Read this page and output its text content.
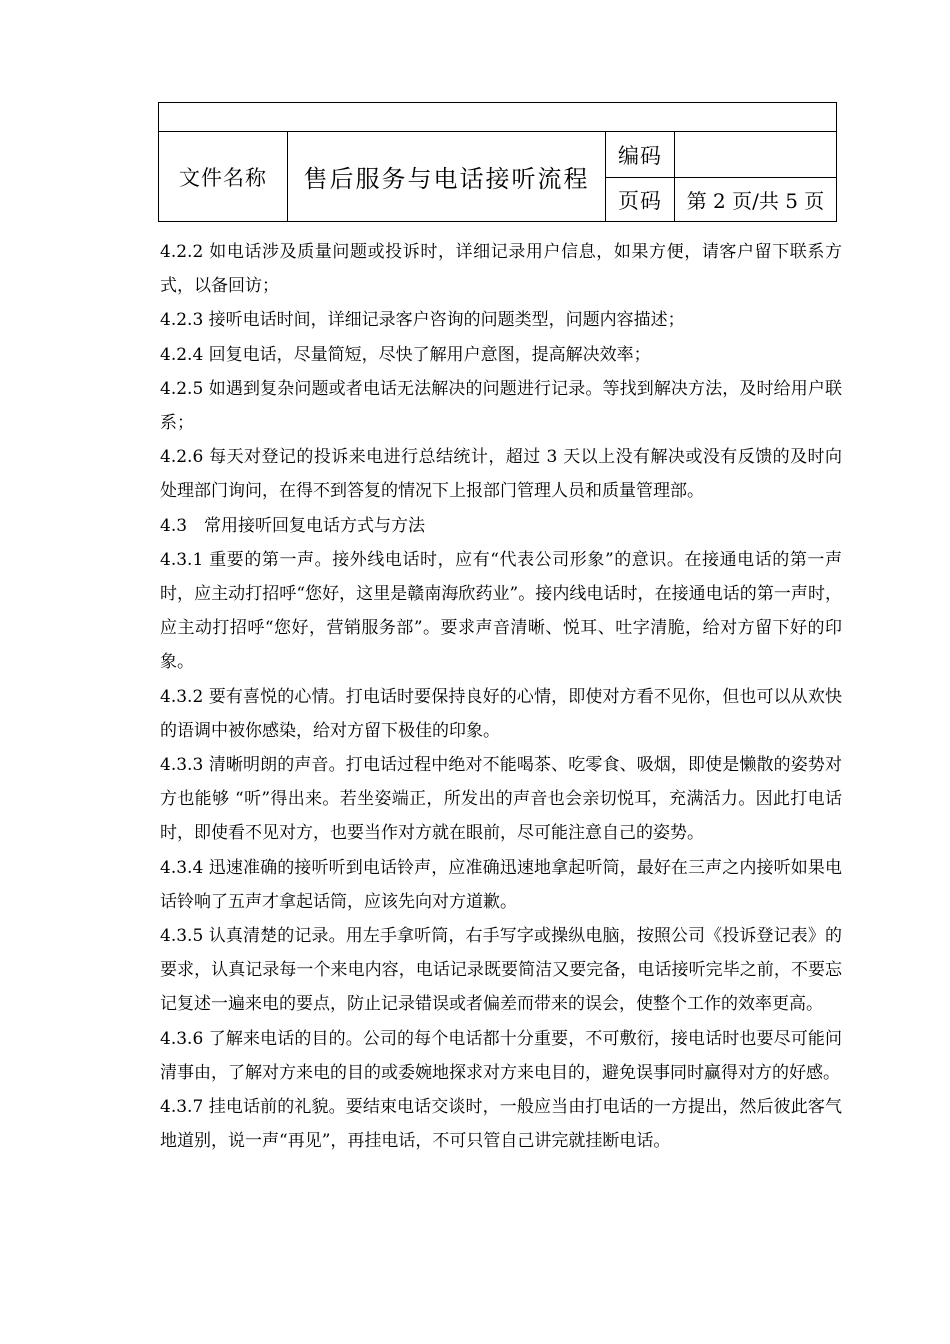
文件名称	售后服务与电话接听流程	编码	
		页码	第 2 页/共 5 页

4.2.2 如电话涉及质量问题或投诉时，详细记录用户信息，如果方便，请客户留下联系方式，以备回访；

4.2.3 接听电话时间，详细记录客户咨询的问题类型，问题内容描述；

4.2.4 回复电话，尽量简短，尽快了解用户意图，提高解决效率；

4.2.5 如遇到复杂问题或者电话无法解决的问题进行记录。等找到解决方法，及时给用户联系；

4.2.6 每天对登记的投诉来电进行总结统计，超过 3 天以上没有解决或没有反馈的及时向处理部门询问，在得不到答复的情况下上报部门管理人员和质量管理部。

4.3　常用接听回复电话方式与方法

4.3.1 重要的第一声。接外线电话时，应有“代表公司形象”的意识。在接通电话的第一声时，应主动打招呼“您好，这里是赣南海欣药业”。接内线电话时，在接通电话的第一声时，应主动打招呼“您好，营销服务部”。要求声音清晰、悦耳、吐字清脆，给对方留下好的印象。

4.3.2 要有喜悦的心情。打电话时要保持良好的心情，即使对方看不见你，但也可以从欢快的语调中被你感染，给对方留下极佳的印象。

4.3.3 清晰明朗的声音。打电话过程中绝对不能喝茶、吃零食、吸烟，即使是懒散的姿势对方也能够 “听”得出来。若坐姿端正，所发出的声音也会亲切悦耳，充满活力。因此打电话时，即使看不见对方，也要当作对方就在眼前，尽可能注意自己的姿势。

4.3.4 迅速准确的接听听到电话铃声，应准确迅速地拿起听筒，最好在三声之内接听如果电话铃响了五声才拿起话筒，应该先向对方道歉。

4.3.5 认真清楚的记录。用左手拿听筒，右手写字或操纵电脑，按照公司《投诉登记表》的要求，认真记录每一个来电内容，电话记录既要简洁又要完备，电话接听完毕之前，不要忘记复述一遍来电的要点，防止记录错误或者偏差而带来的误会，使整个工作的效率更高。

4.3.6 了解来电话的目的。公司的每个电话都十分重要，不可敷衍，接电话时也要尽可能问清事由，了解对方来电的目的或委婉地探求对方来电目的，避免误事同时赢得对方的好感。

4.3.7 挂电话前的礼貌。要结束电话交谈时，一般应当由打电话的一方提出，然后彼此客气地道别，说一声“再见”，再挂电话，不可只管自己讲完就挂断电话。
